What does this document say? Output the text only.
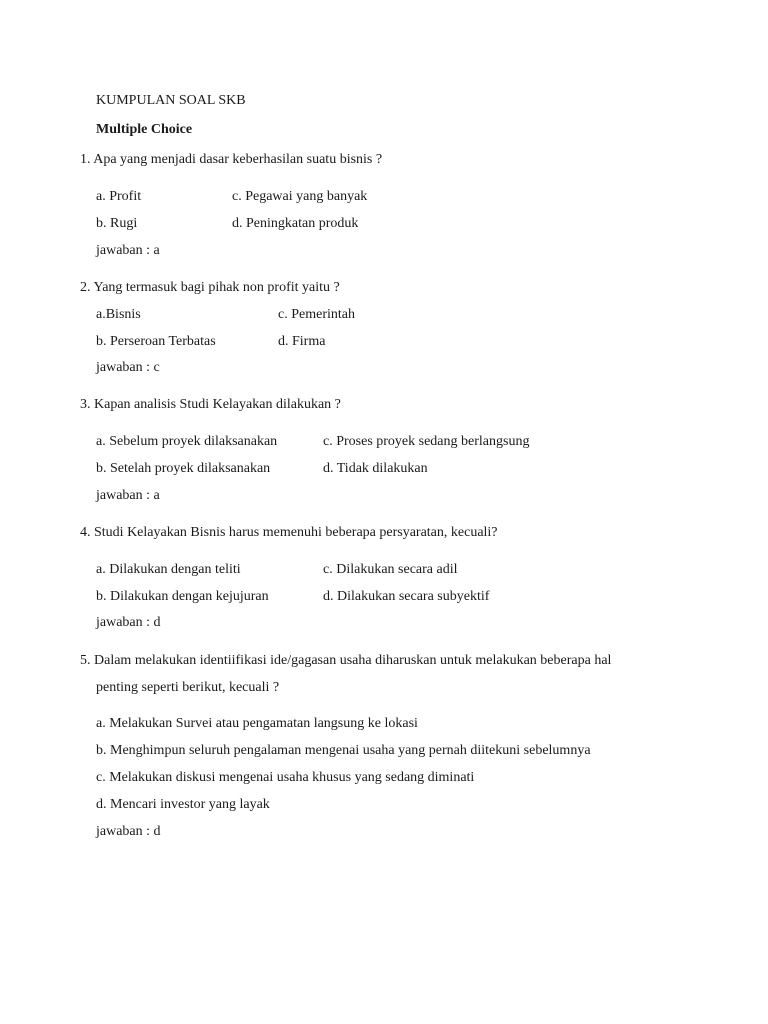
KUMPULAN SOAL SKB
Multiple Choice
1. Apa yang menjadi dasar keberhasilan suatu bisnis ?
a. Profit	c. Pegawai yang banyak
b. Rugi	d. Peningkatan produk
jawaban : a
2. Yang termasuk bagi pihak non profit yaitu ?
a.Bisnis	c. Pemerintah
b. Perseroan Terbatas	d. Firma
jawaban : c
3. Kapan analisis Studi Kelayakan dilakukan ?
a. Sebelum proyek dilaksanakan	c. Proses proyek sedang berlangsung
b. Setelah proyek dilaksanakan	d. Tidak dilakukan
jawaban : a
4. Studi Kelayakan Bisnis harus memenuhi beberapa persyaratan, kecuali?
a. Dilakukan dengan teliti	c. Dilakukan secara adil
b. Dilakukan dengan kejujuran	d. Dilakukan secara subyektif
jawaban : d
5. Dalam melakukan identiifikasi ide/gagasan usaha diharuskan untuk melakukan beberapa hal
penting seperti berikut, kecuali ?
a. Melakukan Survei atau pengamatan langsung ke lokasi
b. Menghimpun seluruh pengalaman mengenai usaha yang pernah diitekuni sebelumnya
c. Melakukan diskusi mengenai usaha khusus yang sedang diminati
d. Mencari investor yang layak
jawaban : d
